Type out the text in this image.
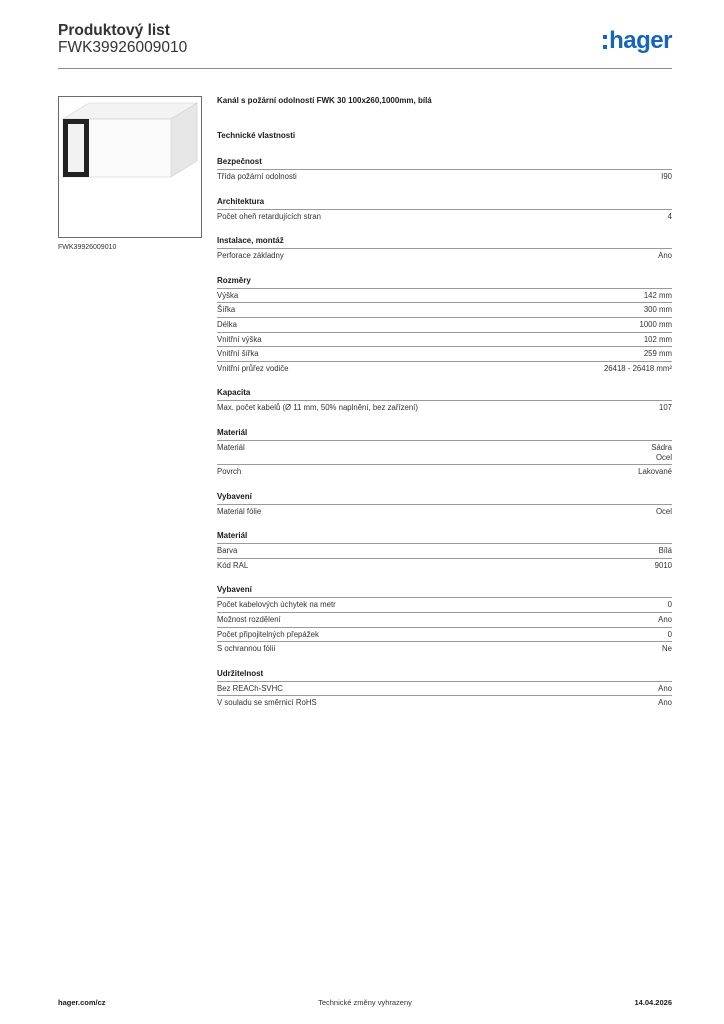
Produktový list
FWK39926009010	hager
FWK39926009010
Kanál s požární odolností FWK 30 100x260,1000mm, bílá
Technické vlastnosti
Bezpečnost
Třída požární odolnosti	I90
Architektura
Počet oheň retardujících stran	4
Instalace, montáž
Perforace základny	Ano
Rozměry
Výška	142 mm
Šířka	300 mm
Délka	1000 mm
Vnitřní výška	102 mm
Vnitřní šířka	259 mm
Vnitřní průřez vodiče	26418 - 26418 mm²
Kapacita
Max. počet kabelů (Ø 11 mm, 50% naplnění, bez zařízení)	107
Materiál
Materiál	Sádra
Ocel
Povrch	Lakované
Vybavení
Materiál fólie	Ocel
Materiál
Barva	Bílá
Kód RAL	9010
Vybavení
Počet kabelových úchytek na metr	0
Možnost rozdělení	Ano
Počet připojitelných přepážek	0
S ochrannou fólií	Ne
Udržitelnost
Bez REACh-SVHC	Ano
V souladu se směrnicí RoHS	Ano
hager.com/cz	Technické změny vyhrazeny	14.04.2026
